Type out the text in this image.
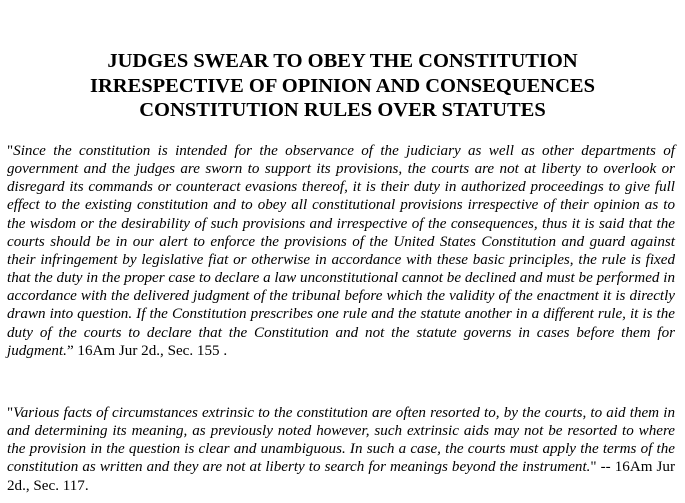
JUDGES SWEAR TO OBEY THE CONSTITUTION
IRRESPECTIVE OF OPINION AND CONSEQUENCES
CONSTITUTION RULES OVER STATUTES

"Since the constitution is intended for the observance of the judiciary as well as other departments of government and the judges are sworn to support its provisions, the courts are not at liberty to overlook or disregard its commands or counteract evasions thereof, it is their duty in authorized proceedings to give full effect to the existing constitution and to obey all constitutional provisions irrespective of their opinion as to the wisdom or the desirability of such provisions and irrespective of the consequences, thus it is said that the courts should be in our alert to enforce the provisions of the United States Constitution and guard against their infringement by legislative fiat or otherwise in accordance with these basic principles, the rule is fixed that the duty in the proper case to declare a law unconstitutional cannot be declined and must be performed in accordance with the delivered judgment of the tribunal before which the validity of the enactment it is directly drawn into question. If the Constitution prescribes one rule and the statute another in a different rule, it is the duty of the courts to declare that the Constitution and not the statute governs in cases before them for judgment.” 16Am Jur 2d., Sec. 155 .

"Various facts of circumstances extrinsic to the constitution are often resorted to, by the courts, to aid them in and determining its meaning, as previously noted however, such extrinsic aids may not be resorted to where the provision in the question is clear and unambiguous. In such a case, the courts must apply the terms of the constitution as written and they are not at liberty to search for meanings beyond the instrument." -- 16Am Jur 2d., Sec. 117.
